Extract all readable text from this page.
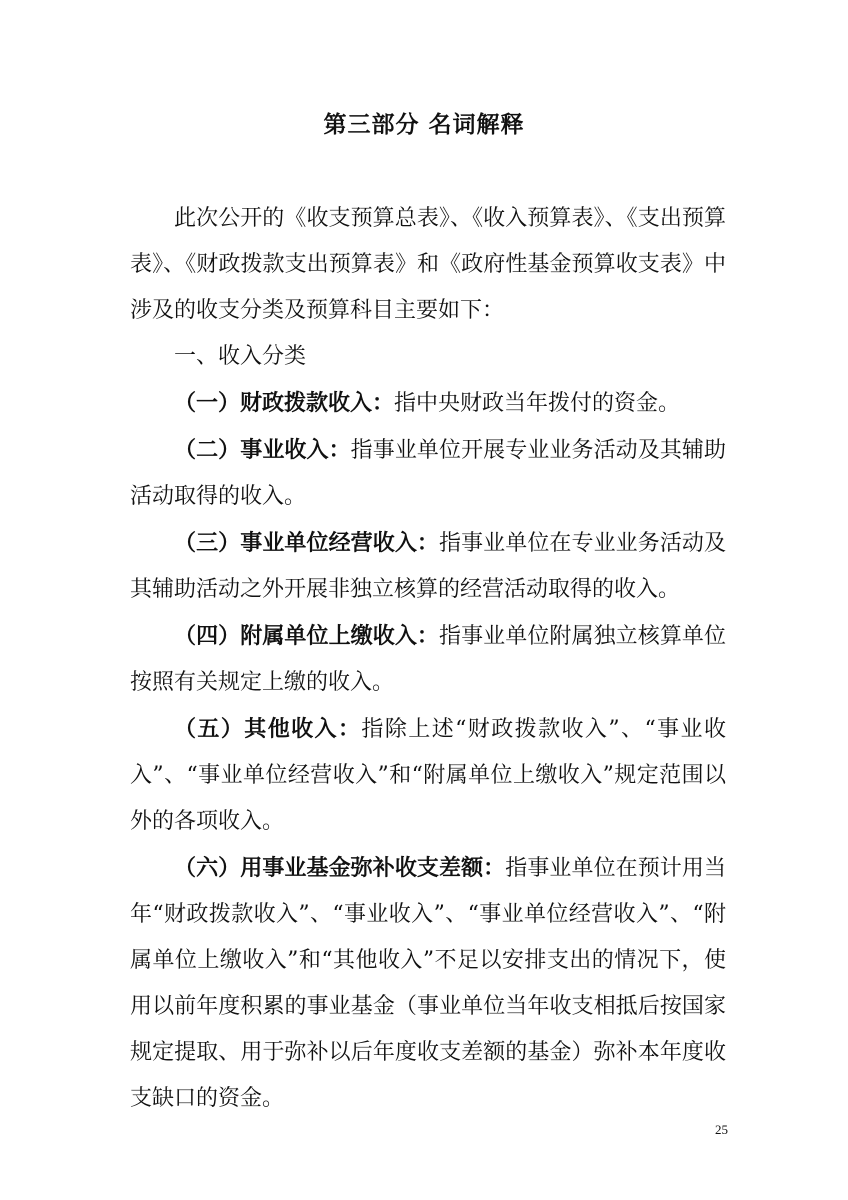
第三部分 名词解释

此次公开的《收支预算总表》、《收入预算表》、《支出预算表》、《财政拨款支出预算表》和《政府性基金预算收支表》中涉及的收支分类及预算科目主要如下：

一、收入分类

（一）财政拨款收入：指中央财政当年拨付的资金。

（二）事业收入：指事业单位开展专业业务活动及其辅助活动取得的收入。

（三）事业单位经营收入：指事业单位在专业业务活动及其辅助活动之外开展非独立核算的经营活动取得的收入。

（四）附属单位上缴收入：指事业单位附属独立核算单位按照有关规定上缴的收入。

（五）其他收入：指除上述“财政拨款收入”、“事业收入”、“事业单位经营收入”和“附属单位上缴收入”规定范围以外的各项收入。

（六）用事业基金弥补收支差额：指事业单位在预计用当年“财政拨款收入”、“事业收入”、“事业单位经营收入”、“附属单位上缴收入”和“其他收入”不足以安排支出的情况下，使用以前年度积累的事业基金（事业单位当年收支相抵后按国家规定提取、用于弥补以后年度收支差额的基金）弥补本年度收支缺口的资金。

25
